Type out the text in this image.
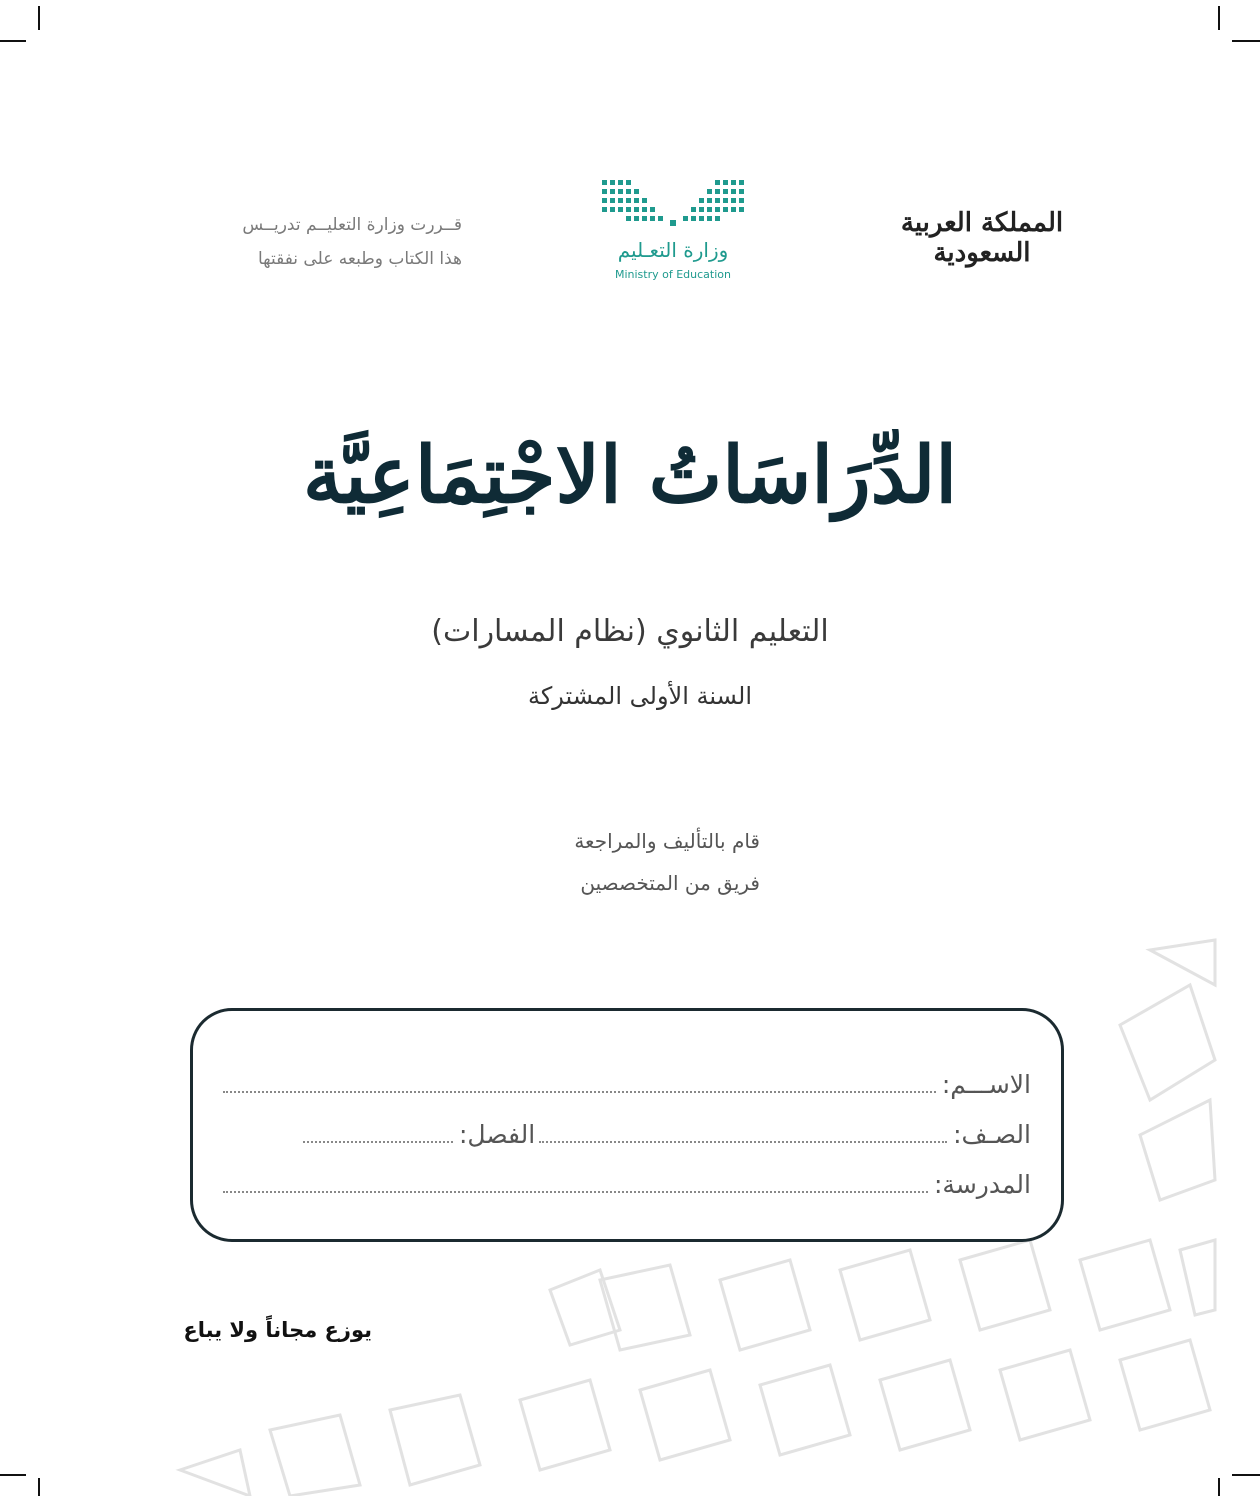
قــررت وزارة التعليــم تدريــس
هذا الكتاب وطبعه على نفقتها	وزارة التعـليم
Ministry of Education
المملكة العربية السعودية
الدِّرَاسَاتُ الاجْتِمَاعِيَّة
التعليم الثانوي (نظام المسارات)
السنة الأولى المشتركة
قام بالتأليف والمراجعة
فريق من المتخصصين
الاســـم:
الصـف:
الفصل:
المدرسة:
يوزع مجاناً ولا يباع
